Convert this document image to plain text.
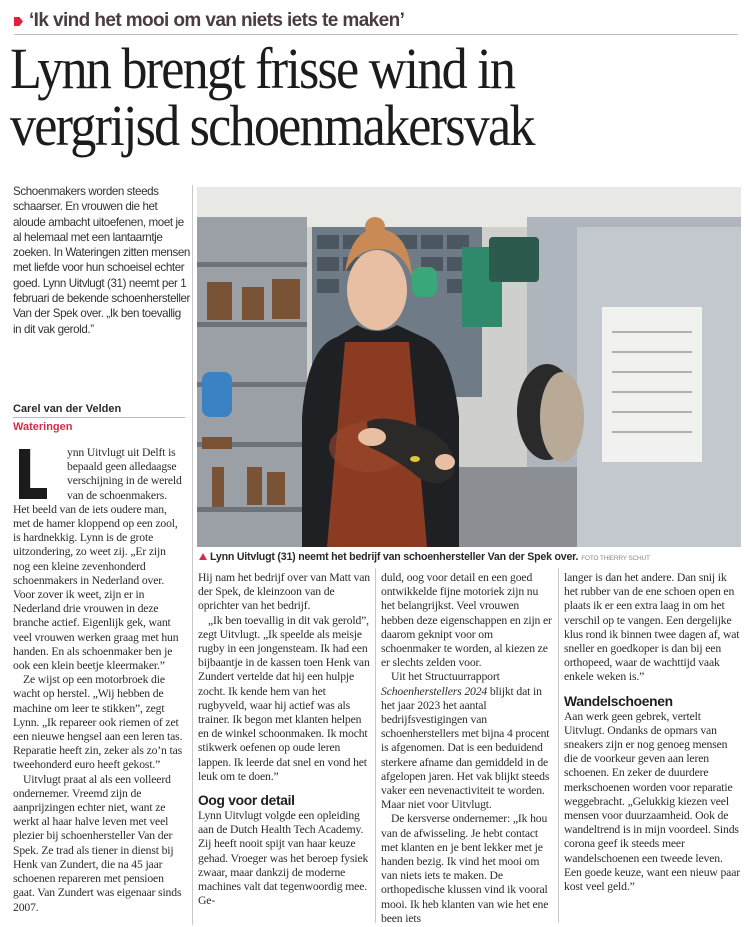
‘Ik vind het mooi om van niets iets te maken’
Lynn brengt frisse wind in
vergrijsd schoenmakersvak
Schoenmakers worden steeds schaarser. En vrouwen die het aloude ambacht uitoefenen, moet je al helemaal met een lantaarntje zoeken. In Wateringen zitten mensen met liefde voor hun schoeisel echter goed. Lynn Uitvlugt (31) neemt per 1 februari de bekende schoenhersteller Van der Spek over. „Ik ben toevallig in dit vak gerold.”
Carel van der Velden
Wateringen
Lynn Uitvlugt (31) neemt het bedrijf van schoenhersteller Van der Spek over. FOTO THIERRY SCHUT

ynn Uitvlugt uit Delft is bepaald geen alledaagse verschijning in de wereld van de schoenmakers. Het beeld van de iets oudere man, met de hamer kloppend op een zool, is hardnekkig. Lynn is de grote uitzondering, zo weet zij. „Er zijn nog een kleine zevenhonderd schoenmakers in Nederland over. Voor zover ik weet, zijn er in Nederland drie vrouwen in deze branche actief. Eigenlijk gek, want veel vrouwen werken graag met hun handen. En als schoenmaker ben je ook een klein beetje kleermaker.”

Ze wijst op een motorbroek die wacht op herstel. „Wij hebben de machine om leer te stikken”, zegt Lynn. „Ik repareer ook riemen of zet een nieuwe hengsel aan een leren tas. Reparatie heeft zin, zeker als zo’n tas tweehonderd euro heeft gekost.”

Uitvlugt praat al als een volleerd ondernemer. Vreemd zijn de aanprijzingen echter niet, want ze werkt al haar halve leven met veel plezier bij schoenhersteller Van der Spek. Ze trad als tiener in dienst bij Henk van Zundert, die na 45 jaar schoenen repareren met pensioen gaat. Van Zundert was eigenaar sinds 2007.

Hij nam het bedrijf over van Matt van der Spek, de kleinzoon van de oprichter van het bedrijf.

„Ik ben toevallig in dit vak gerold”, zegt Uitvlugt. „Ik speelde als meisje rugby in een jongensteam. Ik had een bijbaantje in de kassen toen Henk van Zundert vertelde dat hij een hulpje zocht. Ik kende hem van het rugbyveld, waar hij actief was als trainer. Ik begon met klanten helpen en de winkel schoonmaken. Ik mocht stikwerk oefenen op oude leren lappen. Ik leerde dat snel en vond het leuk om te doen.”

Oog voor detail

Lynn Uitvlugt volgde een opleiding aan de Dutch Health Tech Academy. Zij heeft nooit spijt van haar keuze gehad. Vroeger was het beroep fysiek zwaar, maar dankzij de moderne machines valt dat tegenwoordig mee. Ge-

duld, oog voor detail en een goed ontwikkelde fijne motoriek zijn nu het belangrijkst. Veel vrouwen hebben deze eigenschappen en zijn er daarom geknipt voor om schoenmaker te worden, al kiezen ze er slechts zelden voor.

Uit het Structuurrapport Schoenherstellers 2024 blijkt dat in het jaar 2023 het aantal bedrijfsvestigingen van schoenherstellers met bijna 4 procent is afgenomen. Dat is een beduidend sterkere afname dan gemiddeld in de afgelopen jaren. Het vak blijkt steeds vaker een nevenactiviteit te worden. Maar niet voor Uitvlugt.

De kersverse ondernemer: „Ik hou van de afwisseling. Je hebt contact met klanten en je bent lekker met je handen bezig. Ik vind het mooi om van niets iets te maken. De orthopedische klussen vind ik vooral mooi. Ik heb klanten van wie het ene been iets

langer is dan het andere. Dan snij ik het rubber van de ene schoen open en plaats ik er een extra laag in om het verschil op te vangen. Een dergelijke klus rond ik binnen twee dagen af, wat sneller en goedkoper is dan bij een orthopeed, waar de wachttijd vaak enkele weken is.”

Wandelschoenen

Aan werk geen gebrek, vertelt Uitvlugt. Ondanks de opmars van sneakers zijn er nog genoeg mensen die de voorkeur geven aan leren schoenen. En zeker de duurdere merkschoenen worden voor reparatie weggebracht. „Gelukkig kiezen veel mensen voor duurzaamheid. Ook de wandeltrend is in mijn voordeel. Sinds corona geef ik steeds meer wandelschoenen een tweede leven. Een goede keuze, want een nieuw paar kost veel geld.”
